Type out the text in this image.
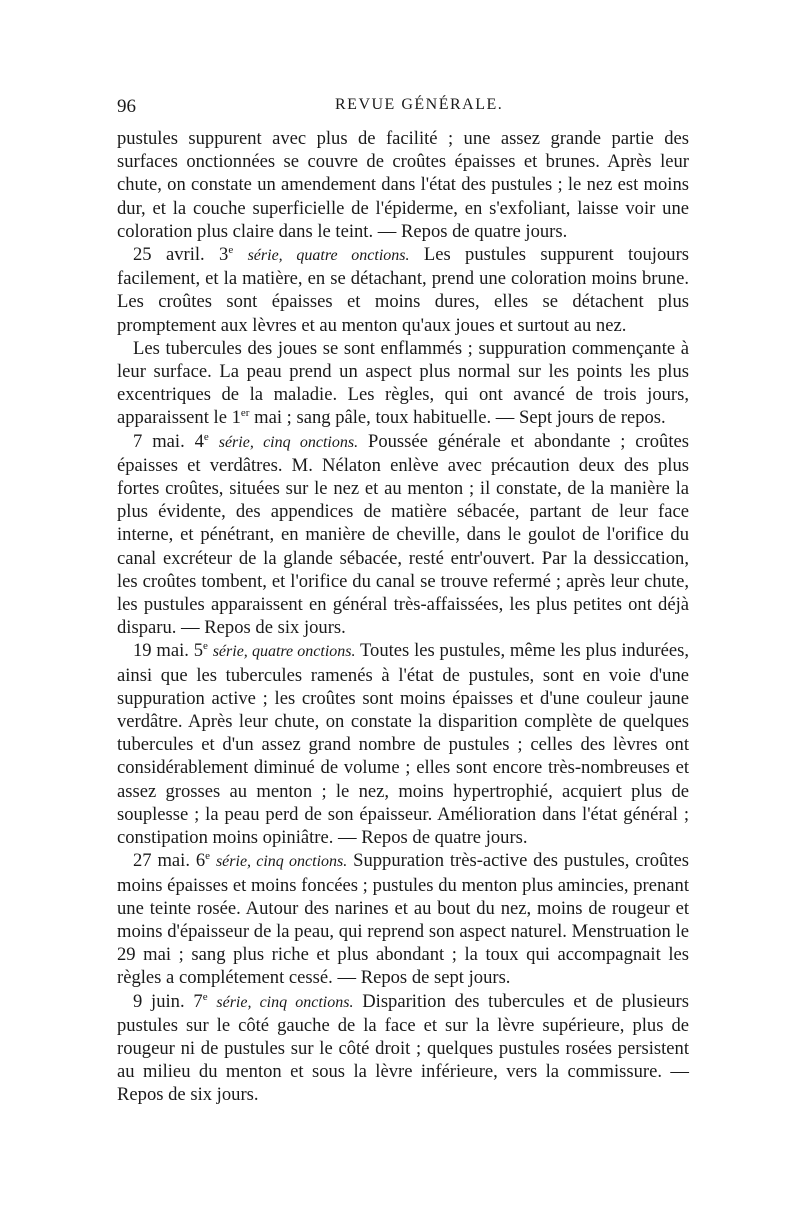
96	REVUE GÉNÉRALE.

pustules suppurent avec plus de facilité ; une assez grande partie des surfaces onctionnées se couvre de croûtes épaisses et brunes. Après leur chute, on constate un amendement dans l'état des pustules ; le nez est moins dur, et la couche superficielle de l'épiderme, en s'exfoliant, laisse voir une coloration plus claire dans le teint. — Repos de quatre jours.

25 avril. 3e série, quatre onctions. Les pustules suppurent toujours facilement, et la matière, en se détachant, prend une coloration moins brune. Les croûtes sont épaisses et moins dures, elles se détachent plus promptement aux lèvres et au menton qu'aux joues et surtout au nez.

Les tubercules des joues se sont enflammés ; suppuration commençante à leur surface. La peau prend un aspect plus normal sur les points les plus excentriques de la maladie. Les règles, qui ont avancé de trois jours, apparaissent le 1er mai ; sang pâle, toux habituelle. — Sept jours de repos.

7 mai. 4e série, cinq onctions. Poussée générale et abondante ; croûtes épaisses et verdâtres. M. Nélaton enlève avec précaution deux des plus fortes croûtes, situées sur le nez et au menton ; il constate, de la manière la plus évidente, des appendices de matière sébacée, partant de leur face interne, et pénétrant, en manière de cheville, dans le goulot de l'orifice du canal excréteur de la glande sébacée, resté entr'ouvert. Par la dessiccation, les croûtes tombent, et l'orifice du canal se trouve refermé ; après leur chute, les pustules apparaissent en général très-affaissées, les plus petites ont déjà disparu. — Repos de six jours.

19 mai. 5e série, quatre onctions. Toutes les pustules, même les plus indurées, ainsi que les tubercules ramenés à l'état de pustules, sont en voie d'une suppuration active ; les croûtes sont moins épaisses et d'une couleur jaune verdâtre. Après leur chute, on constate la disparition complète de quelques tubercules et d'un assez grand nombre de pustules ; celles des lèvres ont considérablement diminué de volume ; elles sont encore très-nombreuses et assez grosses au menton ; le nez, moins hypertrophié, acquiert plus de souplesse ; la peau perd de son épaisseur. Amélioration dans l'état général ; constipation moins opiniâtre. — Repos de quatre jours.

27 mai. 6e série, cinq onctions. Suppuration très-active des pustules, croûtes moins épaisses et moins foncées ; pustules du menton plus amincies, prenant une teinte rosée. Autour des narines et au bout du nez, moins de rougeur et moins d'épaisseur de la peau, qui reprend son aspect naturel. Menstruation le 29 mai ; sang plus riche et plus abondant ; la toux qui accompagnait les règles a complétement cessé. — Repos de sept jours.

9 juin. 7e série, cinq onctions. Disparition des tubercules et de plusieurs pustules sur le côté gauche de la face et sur la lèvre supérieure, plus de rougeur ni de pustules sur le côté droit ; quelques pustules rosées persistent au milieu du menton et sous la lèvre inférieure, vers la commissure. — Repos de six jours.
